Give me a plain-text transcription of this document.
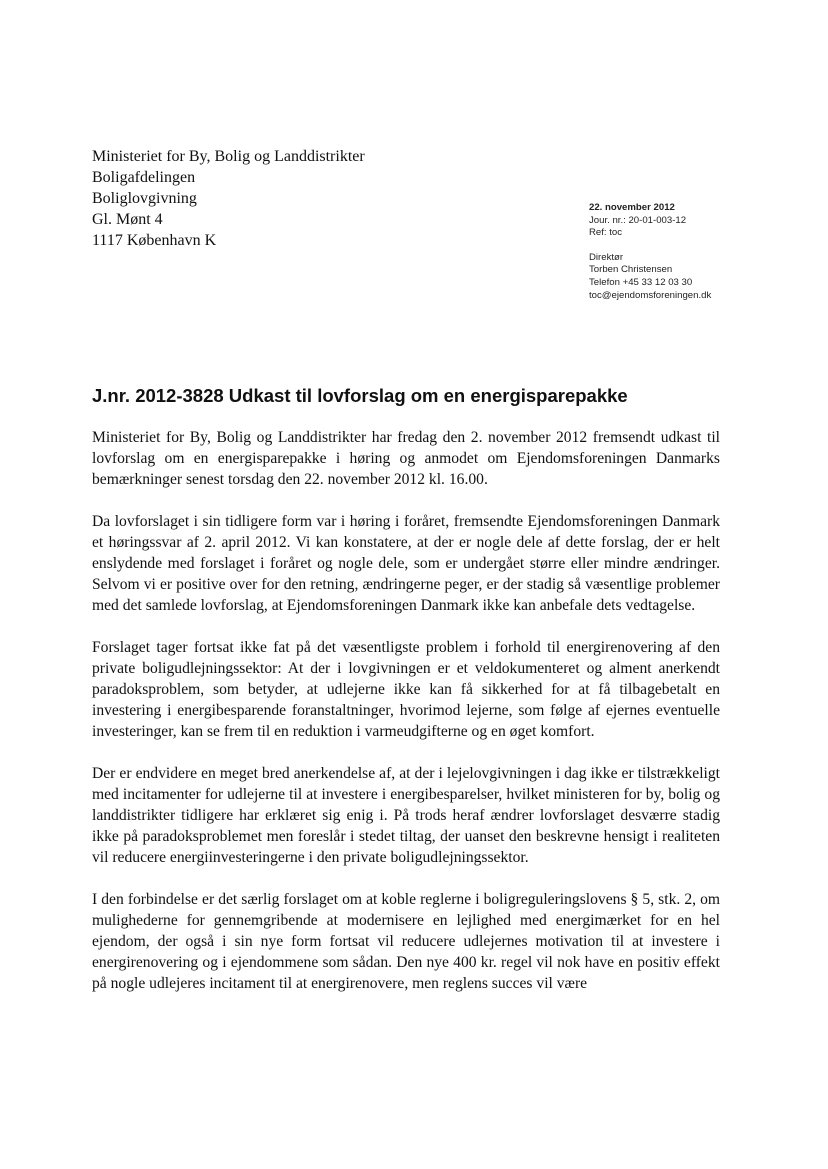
Ministeriet for By, Bolig og Landdistrikter
Boligafdelingen
Boliglovgivning
Gl. Mønt 4
1117 København K
22. november 2012
Jour. nr.: 20-01-003-12
Ref: toc
Direktør
Torben Christensen
Telefon +45 33 12 03 30
toc@ejendomsforeningen.dk
J.nr. 2012-3828 Udkast til lovforslag om en energisparepakke

Ministeriet for By, Bolig og Landdistrikter har fredag den 2. november 2012 fremsendt udkast til lovforslag om en energisparepakke i høring og anmodet om Ejendomsforeningen Danmarks bemærkninger senest torsdag den 22. november 2012 kl. 16.00.

Da lovforslaget i sin tidligere form var i høring i foråret, fremsendte Ejendomsforeningen Danmark et høringssvar af 2. april 2012. Vi kan konstatere, at der er nogle dele af dette forslag, der er helt enslydende med forslaget i foråret og nogle dele, som er undergået større eller mindre ændringer. Selvom vi er positive over for den retning, ændringerne peger, er der stadig så væsentlige problemer med det samlede lovforslag, at Ejendomsforeningen Danmark ikke kan anbefale dets vedtagelse.

Forslaget tager fortsat ikke fat på det væsentligste problem i forhold til energirenovering af den private boligudlejningssektor: At der i lovgivningen er et veldokumenteret og alment anerkendt paradoksproblem, som betyder, at udlejerne ikke kan få sikkerhed for at få tilbagebetalt en investering i energibesparende foranstaltninger, hvorimod lejerne, som følge af ejernes eventuelle investeringer, kan se frem til en reduktion i varmeudgifterne og en øget komfort.

Der er endvidere en meget bred anerkendelse af, at der i lejelovgivningen i dag ikke er tilstrækkeligt med incitamenter for udlejerne til at investere i energibesparelser, hvilket ministeren for by, bolig og landdistrikter tidligere har erklæret sig enig i. På trods heraf ændrer lovforslaget desværre stadig ikke på paradoksproblemet men foreslår i stedet tiltag, der uanset den beskrevne hensigt i realiteten vil reducere energiinvesteringerne i den private boligudlejningssektor.

I den forbindelse er det særlig forslaget om at koble reglerne i boligreguleringslovens § 5, stk. 2, om mulighederne for gennemgribende at modernisere en lejlighed med energimærket for en hel ejendom, der også i sin nye form fortsat vil reducere udlejernes motivation til at investere i energirenovering og i ejendommene som sådan. Den nye 400 kr. regel vil nok have en positiv effekt på nogle udlejeres incitament til at energirenovere, men reglens succes vil være
